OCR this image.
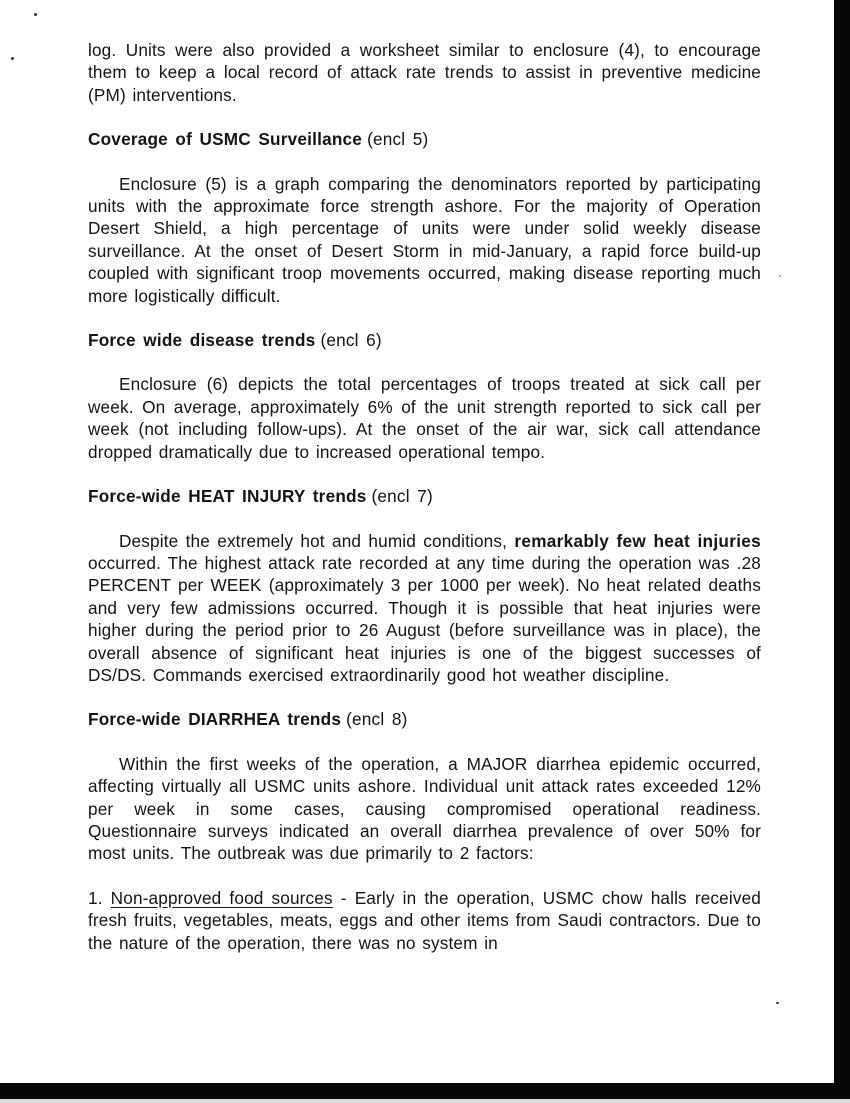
log. Units were also provided a worksheet similar to enclosure (4), to encourage them to keep a local record of attack rate trends to assist in preventive medicine (PM) interventions.

Coverage of USMC Surveillance (encl 5)

Enclosure (5) is a graph comparing the denominators reported by participating units with the approximate force strength ashore. For the majority of Operation Desert Shield, a high percentage of units were under solid weekly disease surveillance. At the onset of Desert Storm in mid-January, a rapid force build-up coupled with significant troop movements occurred, making disease reporting much more logistically difficult.

Force wide disease trends (encl 6)

Enclosure (6) depicts the total percentages of troops treated at sick call per week. On average, approximately 6% of the unit strength reported to sick call per week (not including follow-ups). At the onset of the air war, sick call attendance dropped dramatically due to increased operational tempo.

Force-wide HEAT INJURY trends (encl 7)

Despite the extremely hot and humid conditions, remarkably few heat injuries occurred. The highest attack rate recorded at any time during the operation was .28 PERCENT per WEEK (approximately 3 per 1000 per week). No heat related deaths and very few admissions occurred. Though it is possible that heat injuries were higher during the period prior to 26 August (before surveillance was in place), the overall absence of significant heat injuries is one of the biggest successes of DS/DS. Commands exercised extraordinarily good hot weather discipline.

Force-wide DIARRHEA trends (encl 8)

Within the first weeks of the operation, a MAJOR diarrhea epidemic occurred, affecting virtually all USMC units ashore. Individual unit attack rates exceeded 12% per week in some cases, causing compromised operational readiness. Questionnaire surveys indicated an overall diarrhea prevalence of over 50% for most units. The outbreak was due primarily to 2 factors:

1. Non-approved food sources - Early in the operation, USMC chow halls received fresh fruits, vegetables, meats, eggs and other items from Saudi contractors. Due to the nature of the operation, there was no system in
